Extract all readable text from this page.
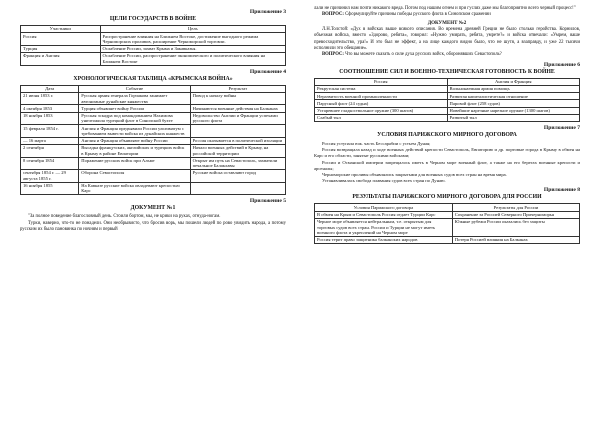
Приложение 3
ЦЕЛИ ГОСУДАРСТВ В ВОЙНЕ
Участники	Цель
Россия	Распространение влияния на Ближнем Востоке, достижение выгодного режима Черноморских проливов, расширение Черноморской торговли.
Турция	Ослабление России, захват Крыма и Закавказья.
Франция и Англия	Ослабление России, распространение экономического и политического влияния на Ближнем Востоке
Приложение 4
ХРОНОЛОГИЧЕСКАЯ ТАБЛИЦА «КРЫМСКАЯ ВОЙНА»
Дата	Событие	Результат
21 июня 1853 г.	Русская армия генерала Горчакова занимает автономные дунайские княжества	Повод к началу войны
4 октября 1853	Турция объявляет войну России	Начинаются военные действия на Балканах
18 ноября 1853	Русская эскадра под командованием Нахимова уничтожила турецкий флот в Синопской бухте	Недовольство Англии и Франции успехами русского флота
15 февраля 1854 г.	Англия и Франция предъявили России ультиматум с требованием вывести войска из дунайских княжеств	
— 16 марта	Англия и Франция объявляют войну России	Россия оказывается в политической изоляции
2 сентября	Высадка французских, английских и турецких войск в Крыму в районе Евпатории	Начало военных действий в Крыму, на российской территории
8 сентября 1854	Поражение русских войск при Альме	Открыт им путь на Севастополь, захватили печальное Балаклавы
сентября 1854 г. — 29 августа 1855 г.	Оборона Севастополя	Русские войска оставляют город
16 ноября 1855	На Кавказе русские войска овладевают крепостью Карс	
Приложение 5
ДОКУМЕНТ №1

"За полное поведение благословный день. Стоили бортом, мы, не крики на руках, отнуда-ногам.

Турки, наверно, что-то не понадели. Они необрывисто, что бросив ворь, мы пошели людей по рово увидить народа, а потому русским их было пановинка по ночням и первый

лали не причинил нам почти никакого вреда. Потом под нашим огнем и при гуслях даже мы благоприятно всего черный процесс!"

ВОПРОС: Сформулируйте причины победы русского флота в Синопском сражении

ДОКУМЕНТ №2

Л.Н.Толстой: «Дух в войсках выше всякого описания. Во времена древней Греции не было столько геройства. Корнилов, объезжая войска, вместо «Здорово, ребята», говорил: «Нужно умирать, ребята, умрете?» и войска отвечали: «Умрем, ваше превосходительство, ура!» И это был не эффект, а на лице каждого видно было, что не шутя, а взаправду, и уже 22 тысячи исполнили это обещание».

ВОПРОС: Что вы можете сказать о силе духа русских войск, оборонявших Севастополь?

Приложение 6
СООТНОШЕНИЕ СИЛ И ВОЕННО-ТЕХНИЧЕСКАЯ ГОТОВНОСТЬ К ВОЙНЕ
Россия	Англия и Франция
Рекрутская система	Вольнонаемная армия помощь
Неразвитость военной промышленности	Развитая капиталистическая отношение
Парусный флот (24 судна)	Паровой флот (258 судов)
Устаревшее гладкоствольное оружие (300 шагов)	Новейшие нарезные нарезное оружие (1300 шагов)
Слабый тыл	Развитый тыл
Приложение 7
УСЛОВИЯ ПАРИЖСКОГО МИРНОГО ДОГОВОРА

Россия уступала юж. часть Бессарабии с устьем Дуная;

Россия возвращала назад и ходе военных действий крепости Севастополь, Евпаторию и др. портовые города в Крыму в обмен на Карс и его области, занятые русскими войсками;

России и Османской империи запрещалось иметь в Черном море военный флот, а также на его берегах военные крепости и арсеналы;

Черноморские проливы объявлялись закрытыми для военных судов всех стран на время мира.

Устанавливалась свобода плавания судов всех стран по Дунаю.

Приложение 8
РЕЗУЛЬТАТЫ ПАРИЖСКОГО МИРНОГО ДОГОВОРА ДЛЯ РОССИИ
Условия Парижского договора	Результаты для России
В обмен на Крым и Севастополь Россия отдает Турции Карс	Сохранение за Россией Северного Причерноморья
Черное море объявляется нейтральным, т.е. открытым для торговых судов всех стран. России и Турции не могут иметь военного флота и укреплений на Черном море	Южные рубежи России оказались без защиты
Россия терит право защитника балканских народов	Потеря Россией влияния на Балканах
